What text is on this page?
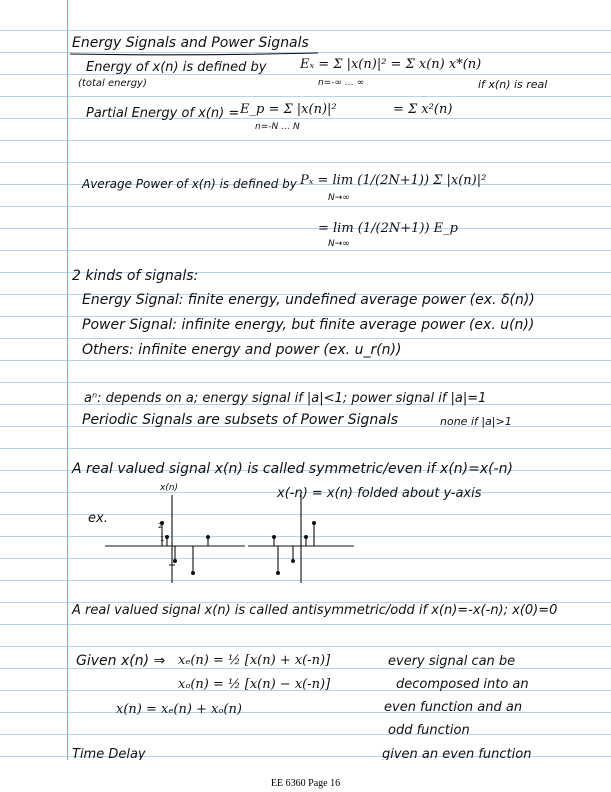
Energy Signals and Power Signals
Energy of x(n) is defined by
(total energy)
Eₓ = Σ |x(n)|² = Σ x(n) x*(n)
n=-∞ … ∞	if x(n) is real
Partial Energy of x(n) = E_p = Σ |x(n)|²
n=-N … N
= Σ x²(n)
Average Power of x(n) is defined by Pₓ = lim (1/(2N+1)) Σ |x(n)|²
N→∞
= lim (1/(2N+1)) E_p
N→∞
2 kinds of signals:
Energy Signal: finite energy, undefined average power (ex. δ(n))
Power Signal: infinite energy, but finite average power (ex. u(n))
Others: infinite energy and power (ex. u_r(n))
aⁿ: depends on a; energy signal if |a|<1; power signal if |a|=1
Periodic Signals are subsets of Power Signals	none if |a|>1
A real valued signal x(n) is called symmetric/even if x(n)=x(-n)
x(n)	x(-n) = x(n) folded about y-axis
ex.	2
1
A real valued signal x(n) is called antisymmetric/odd if x(n)=-x(-n); x(0)=0
Given x(n) ⇒ xₑ(n) = ½ [x(n) + x(-n)]
xₒ(n) = ½ [x(n) − x(-n)]
x(n) = xₑ(n) + xₒ(n)
every signal can be
decomposed into an
even function and an
odd function
Time Delay	given an even function
EE 6360 Page 16
